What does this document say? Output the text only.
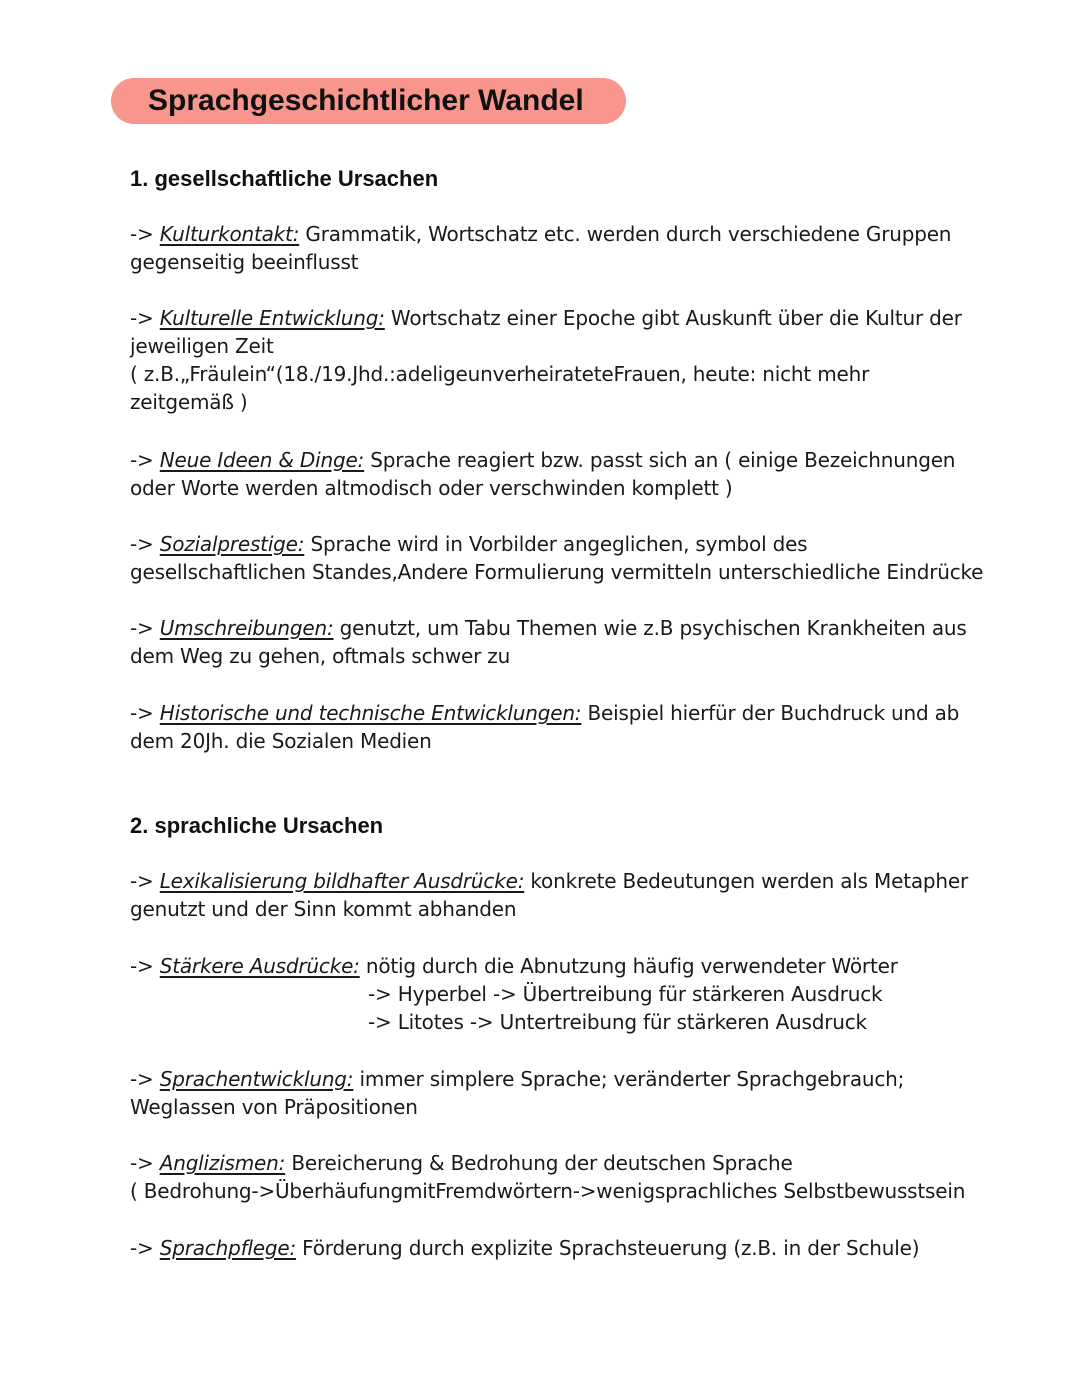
Sprachgeschichtlicher Wandel
1. gesellschaftliche Ursachen
-> Kulturkontakt: Grammatik, Wortschatz etc. werden durch verschiedene Gruppen
gegenseitig beeinflusst
-> Kulturelle Entwicklung: Wortschatz einer Epoche gibt Auskunft über die Kultur der
jeweiligen Zeit
( z.B.„Fräulein“(18./19.Jhd.:adeligeunverheirateteFrauen, heute: nicht mehr
zeitgemäß )
-> Neue Ideen & Dinge: Sprache reagiert bzw. passt sich an ( einige Bezeichnungen
oder Worte werden altmodisch oder verschwinden komplett )
-> Sozialprestige: Sprache wird in Vorbilder angeglichen, symbol des
gesellschaftlichen Standes,Andere Formulierung vermitteln unterschiedliche Eindrücke
-> Umschreibungen: genutzt, um Tabu Themen wie z.B psychischen Krankheiten aus
dem Weg zu gehen, oftmals schwer zu
-> Historische und technische Entwicklungen: Beispiel hierfür der Buchdruck und ab
dem 20Jh. die Sozialen Medien
2. sprachliche Ursachen
-> Lexikalisierung bildhafter Ausdrücke: konkrete Bedeutungen werden als Metapher
genutzt und der Sinn kommt abhanden
-> Stärkere Ausdrücke: nötig durch die Abnutzung häufig verwendeter Wörter
-> Hyperbel -> Übertreibung für stärkeren Ausdruck
-> Litotes -> Untertreibung für stärkeren Ausdruck
-> Sprachentwicklung: immer simplere Sprache; veränderter Sprachgebrauch;
Weglassen von Präpositionen
-> Anglizismen: Bereicherung & Bedrohung der deutschen Sprache
( Bedrohung->ÜberhäufungmitFremdwörtern->wenigsprachliches Selbstbewusstsein
-> Sprachpflege: Förderung durch explizite Sprachsteuerung (z.B. in der Schule)
